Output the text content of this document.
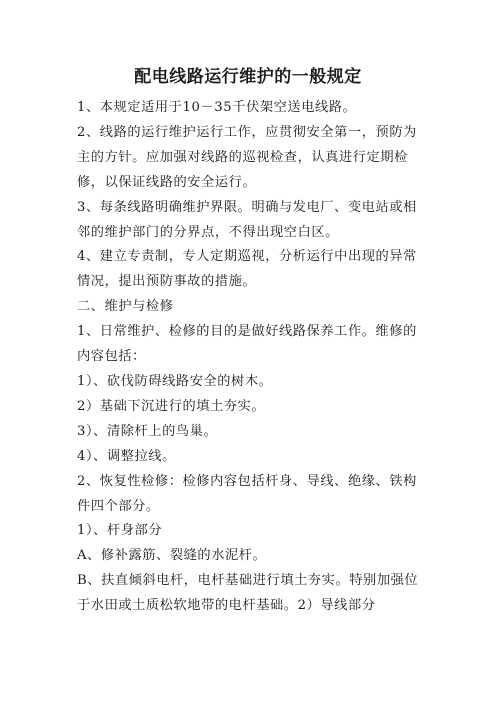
配电线路运行维护的一般规定

1、本规定适用于10－35千伏架空送电线路。

2、线路的运行维护运行工作，应贯彻安全第一，预防为主的方针。应加强对线路的巡视检查，认真进行定期检修，以保证线路的安全运行。

3、每条线路明确维护界限。明确与发电厂、变电站或相邻的维护部门的分界点，不得出现空白区。

4、建立专责制，专人定期巡视，分析运行中出现的异常情况，提出预防事故的措施。

二、维护与检修

1、日常维护、检修的目的是做好线路保养工作。维修的内容包括：

1）、砍伐防碍线路安全的树木。

2）基础下沉进行的填土夯实。

3）、清除杆上的鸟巢。

4）、调整拉线。

2、恢复性检修：检修内容包括杆身、导线、绝缘、铁构件四个部分。

1）、杆身部分

A、修补露筋、裂缝的水泥杆。

B、扶直倾斜电杆，电杆基础进行填土夯实。特别加强位于水田或土质松软地带的电杆基础。2）导线部分
